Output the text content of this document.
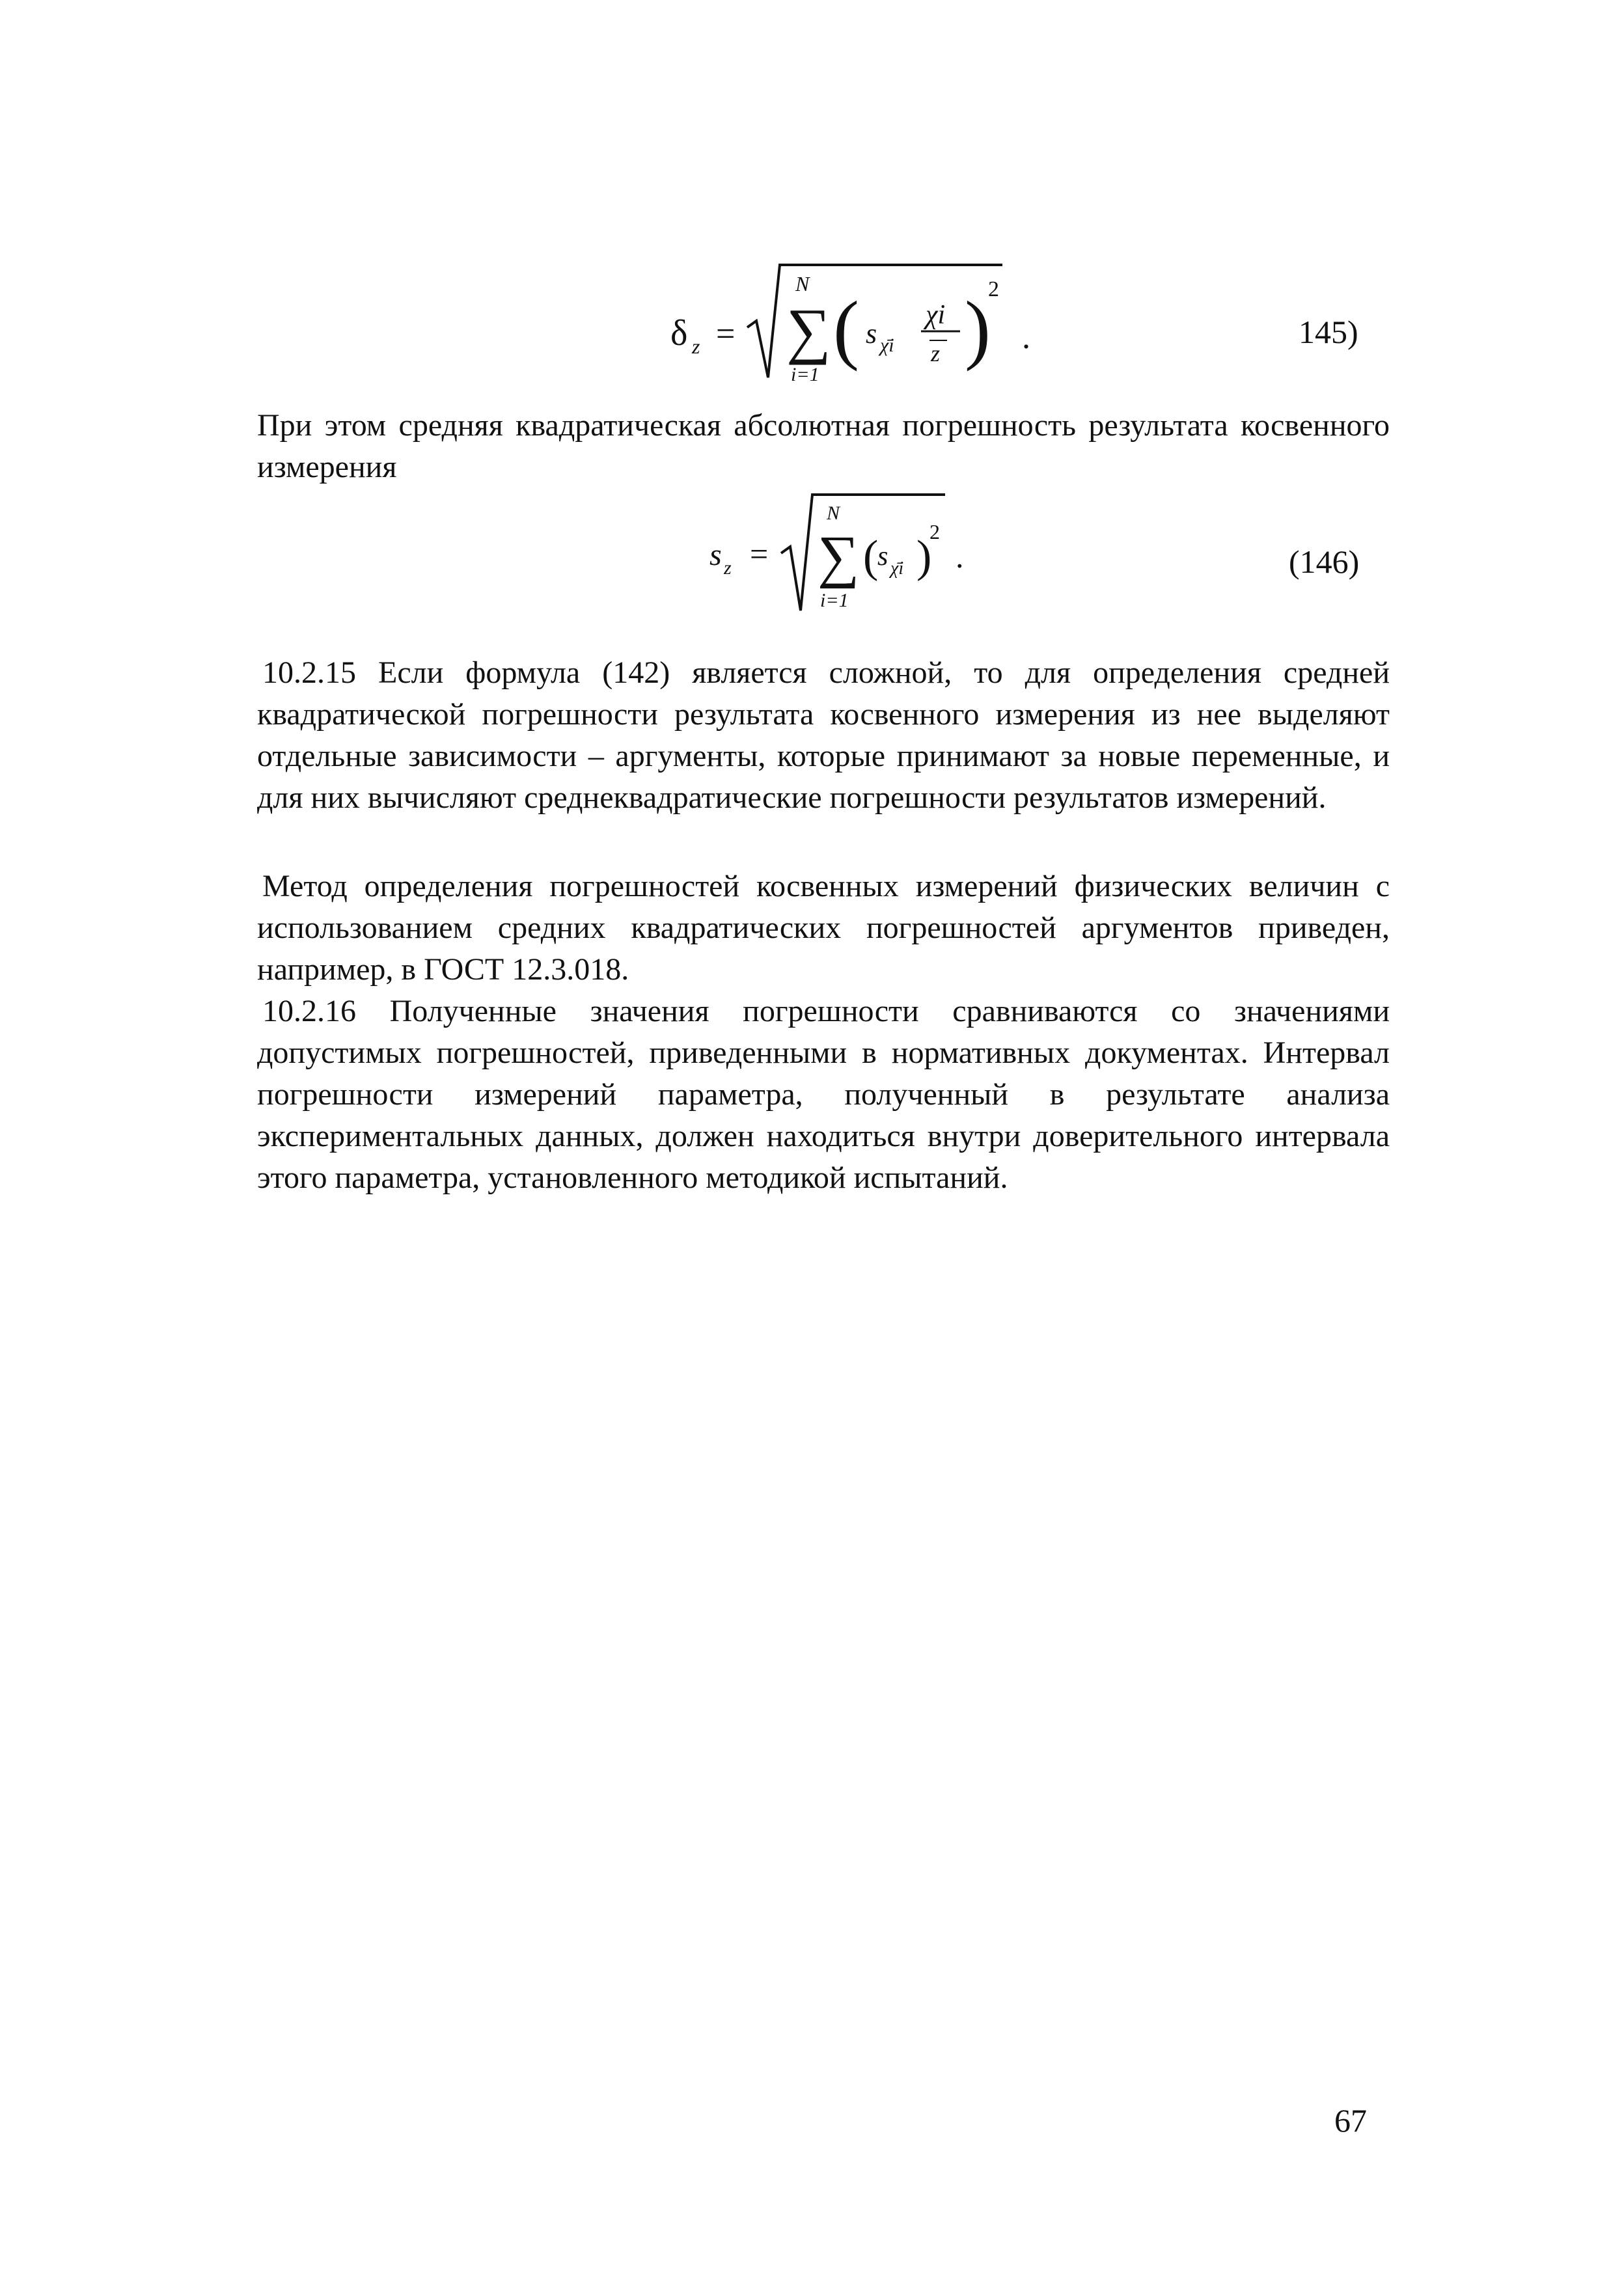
δ z =
N
∑
i=1
( s χ̄i
χi
z )
2
.	145)

При этом средняя квадратическая абсолютная погрешность результата косвенного измерения

s z =
N
∑
i=1
(
s χ̄i )
2
.	(146)

10.2.15 Если формула (142) является сложной, то для определения средней квадратической погрешности результата косвенного измерения из нее выделяют отдельные зависимости – аргументы, которые принимают за новые переменные, и для них вычисляют среднеквадратические погрешности результатов измерений.

Метод определения погрешностей косвенных измерений физических величин с использованием средних квадратических погрешностей аргументов приведен, например, в ГОСТ 12.3.018.

10.2.16 Полученные значения погрешности сравниваются со значениями допустимых погрешностей, приведенными в нормативных документах. Интервал погрешности измерений параметра, полученный в результате анализа экспериментальных данных, должен находиться внутри доверительного интервала этого параметра, установленного методикой испытаний.

67
